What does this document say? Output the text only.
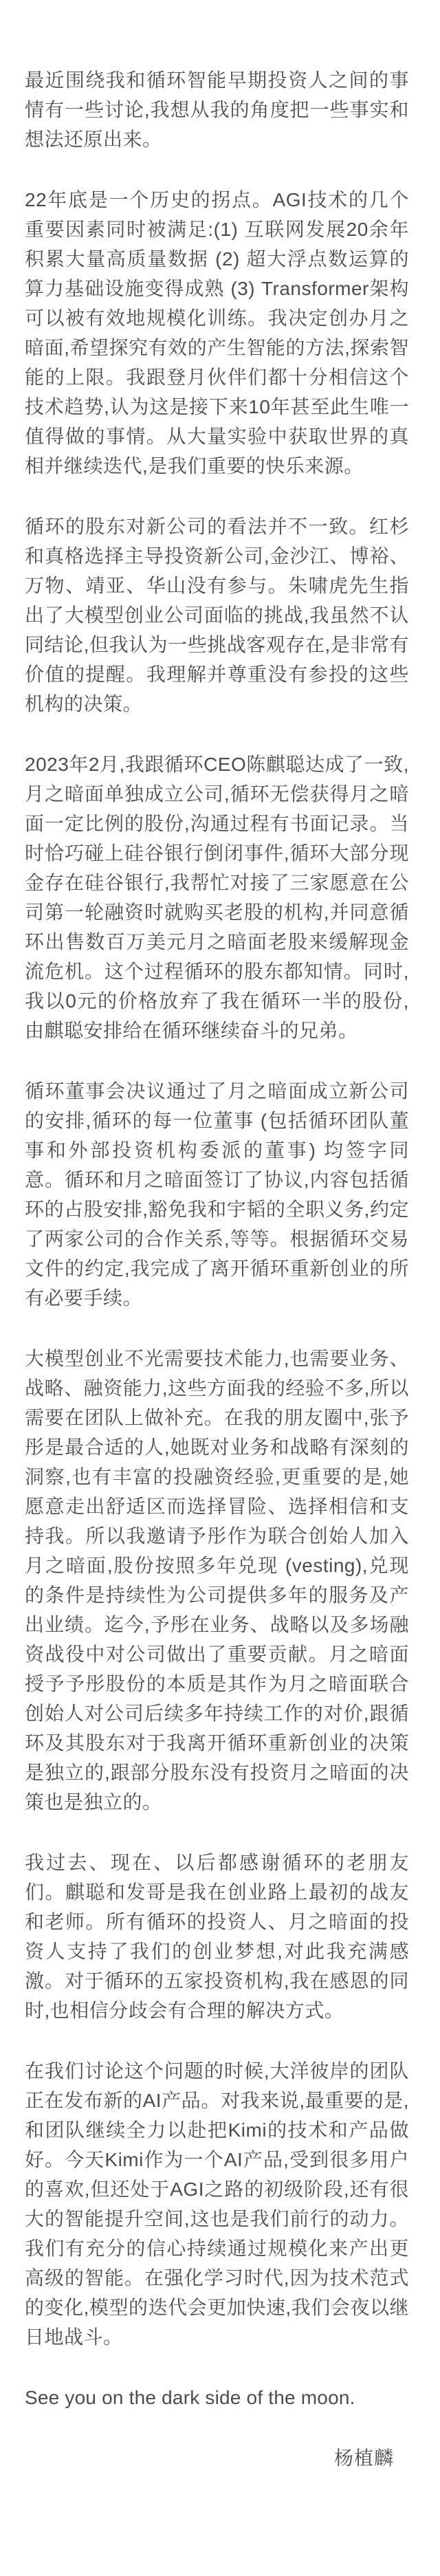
最近围绕我和循环智能早期投资人之间的事情有一些讨论,我想从我的角度把一些事实和想法还原出来。

22年底是一个历史的拐点。AGI技术的几个重要因素同时被满足:(1) 互联网发展20余年积累大量高质量数据 (2) 超大浮点数运算的算力基础设施变得成熟 (3) Transformer架构可以被有效地规模化训练。我决定创办月之暗面,希望探究有效的产生智能的方法,探索智能的上限。我跟登月伙伴们都十分相信这个技术趋势,认为这是接下来10年甚至此生唯一值得做的事情。从大量实验中获取世界的真相并继续迭代,是我们重要的快乐来源。

循环的股东对新公司的看法并不一致。红杉和真格选择主导投资新公司,金沙江、博裕、万物、靖亚、华山没有参与。朱啸虎先生指出了大模型创业公司面临的挑战,我虽然不认同结论,但我认为一些挑战客观存在,是非常有价值的提醒。我理解并尊重没有参投的这些机构的决策。

2023年2月,我跟循环CEO陈麒聪达成了一致,月之暗面单独成立公司,循环无偿获得月之暗面一定比例的股份,沟通过程有书面记录。当时恰巧碰上硅谷银行倒闭事件,循环大部分现金存在硅谷银行,我帮忙对接了三家愿意在公司第一轮融资时就购买老股的机构,并同意循环出售数百万美元月之暗面老股来缓解现金流危机。这个过程循环的股东都知情。同时,我以0元的价格放弃了我在循环一半的股份,由麒聪安排给在循环继续奋斗的兄弟。

循环董事会决议通过了月之暗面成立新公司的安排,循环的每一位董事 (包括循环团队董事和外部投资机构委派的董事) 均签字同意。循环和月之暗面签订了协议,内容包括循环的占股安排,豁免我和宇韬的全职义务,约定了两家公司的合作关系,等等。根据循环交易文件的约定,我完成了离开循环重新创业的所有必要手续。

大模型创业不光需要技术能力,也需要业务、战略、融资能力,这些方面我的经验不多,所以需要在团队上做补充。在我的朋友圈中,张予彤是最合适的人,她既对业务和战略有深刻的洞察,也有丰富的投融资经验,更重要的是,她愿意走出舒适区而选择冒险、选择相信和支持我。所以我邀请予彤作为联合创始人加入月之暗面,股份按照多年兑现 (vesting),兑现的条件是持续性为公司提供多年的服务及产出业绩。迄今,予彤在业务、战略以及多场融资战役中对公司做出了重要贡献。月之暗面授予予彤股份的本质是其作为月之暗面联合创始人对公司后续多年持续工作的对价,跟循环及其股东对于我离开循环重新创业的决策是独立的,跟部分股东没有投资月之暗面的决策也是独立的。

我过去、现在、以后都感谢循环的老朋友们。麒聪和发哥是我在创业路上最初的战友和老师。所有循环的投资人、月之暗面的投资人支持了我们的创业梦想,对此我充满感激。对于循环的五家投资机构,我在感恩的同时,也相信分歧会有合理的解决方式。

在我们讨论这个问题的时候,大洋彼岸的团队正在发布新的AI产品。对我来说,最重要的是,和团队继续全力以赴把Kimi的技术和产品做好。今天Kimi作为一个AI产品,受到很多用户的喜欢,但还处于AGI之路的初级阶段,还有很大的智能提升空间,这也是我们前行的动力。我们有充分的信心持续通过规模化来产出更高级的智能。在强化学习时代,因为技术范式的变化,模型的迭代会更加快速,我们会夜以继日地战斗。

See you on the dark side of the moon.

杨植麟
